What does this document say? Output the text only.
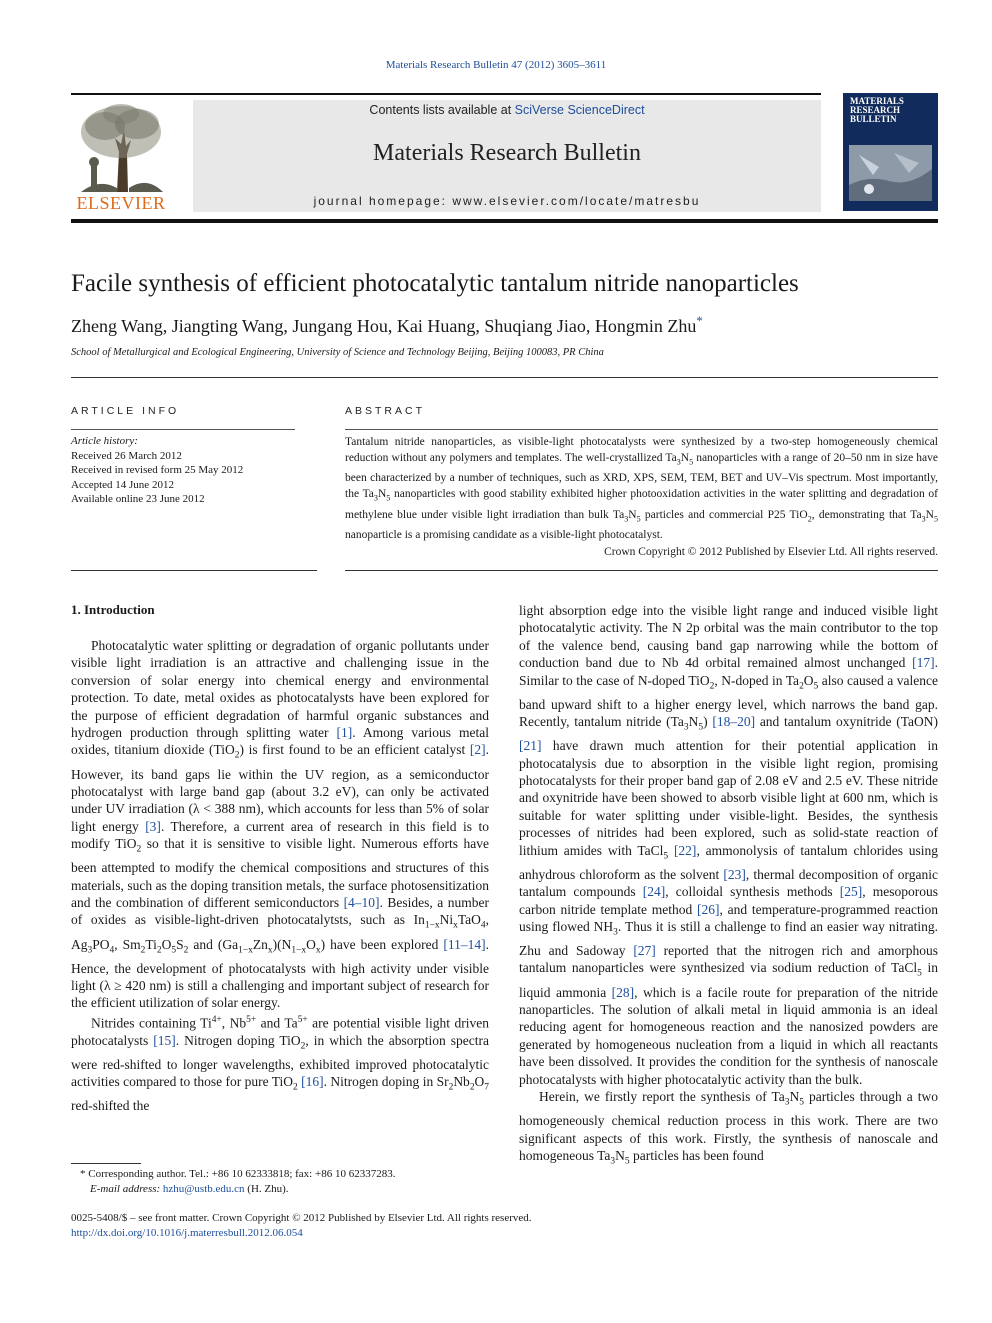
Materials Research Bulletin 47 (2012) 3605–3611
ELSEVIER
Contents lists available at SciVerse ScienceDirect
Materials Research Bulletin
journal homepage: www.elsevier.com/locate/matresbu
MATERIALS RESEARCH BULLETIN
Facile synthesis of efficient photocatalytic tantalum nitride nanoparticles
Zheng Wang, Jiangting Wang, Jungang Hou, Kai Huang, Shuqiang Jiao, Hongmin Zhu*
School of Metallurgical and Ecological Engineering, University of Science and Technology Beijing, Beijing 100083, PR China
ARTICLE INFO	ABSTRACT
Article history:
Received 26 March 2012
Received in revised form 25 May 2012
Accepted 14 June 2012
Available online 23 June 2012
Tantalum nitride nanoparticles, as visible-light photocatalysts were synthesized by a two-step homogeneously chemical reduction without any polymers and templates. The well-crystallized $Ta_3N_5$ nanoparticles with a range of 20–50 nm in size have been characterized by a number of techniques, such as XRD, XPS, SEM, TEM, BET and UV–Vis spectrum. Most importantly, the $Ta_3N_5$ nanoparticles with good stability exhibited higher photooxidation activities in the water splitting and degradation of methylene blue under visible light irradiation than bulk $Ta_3N_5$ particles and commercial P25 TiO$_2$, demonstrating that $Ta_3N_5$ nanoparticle is a promising candidate as a visible-light photocatalyst.
Crown Copyright © 2012 Published by Elsevier Ltd. All rights reserved.
1. Introduction

Photocatalytic water splitting or degradation of organic pollutants under visible light irradiation is an attractive and challenging issue in the conversion of solar energy into chemical energy and environmental protection. To date, metal oxides as photocatalysts have been explored for the purpose of efficient degradation of harmful organic substances and hydrogen production through splitting water [1]. Among various metal oxides, titanium dioxide (TiO$_2$) is first found to be an efficient catalyst [2]. However, its band gaps lie within the UV region, as a semiconductor photocatalyst with large band gap (about 3.2 eV), can only be activated under UV irradiation (λ < 388 nm), which accounts for less than 5% of solar light energy [3]. Therefore, a current area of research in this field is to modify TiO$_2$ so that it is sensitive to visible light. Numerous efforts have been attempted to modify the chemical compositions and structures of this materials, such as the doping transition metals, the surface photosensitization and the combination of different semiconductors [4–10]. Besides, a number of oxides as visible-light-driven photocatalytsts, such as $In_{1-x}Ni_xTaO_4$, $Ag_3PO_4$, $Sm_2Ti_2O_5S_2$ and $(Ga_{1-x}Zn_x)(N_{1-x}O_x)$ have been explored [11–14]. Hence, the development of photocatalysts with high activity under visible light (λ ≥ 420 nm) is still a challenging and important subject of research for the efficient utilization of solar energy.

Nitrides containing $Ti^{4+}$, $Nb^{5+}$ and $Ta^{5+}$ are potential visible light driven photocatalysts [15]. Nitrogen doping TiO$_2$, in which the absorption spectra were red-shifted to longer wavelengths, exhibited improved photocatalytic activities compared to those for pure TiO$_2$ [16]. Nitrogen doping in $Sr_2Nb_2O_7$ red-shifted the

light absorption edge into the visible light range and induced visible light photocatalytic activity. The N 2p orbital was the main contributor to the top of the valence bend, causing band gap narrowing while the bottom of conduction band due to Nb 4d orbital remained almost unchanged [17]. Similar to the case of N-doped TiO$_2$, N-doped in $Ta_2O_5$ also caused a valence band upward shift to a higher energy level, which narrows the band gap. Recently, tantalum nitride $(Ta_3N_5)$ [18–20] and tantalum oxynitride (TaON) [21] have drawn much attention for their potential application in photocatalysis due to absorption in the visible light region, promising photocatalysts for their proper band gap of 2.08 eV and 2.5 eV. These nitride and oxynitride have been showed to absorb visible light at 600 nm, which is suitable for water splitting under visible-light. Besides, the synthesis processes of nitrides had been explored, such as solid-state reaction of lithium amides with TaCl$_5$ [22], ammonolysis of tantalum chlorides using anhydrous chloroform as the solvent [23], thermal decomposition of organic tantalum compounds [24], colloidal synthesis methods [25], mesoporous carbon nitride template method [26], and temperature-programmed reaction using flowed $NH_3$. Thus it is still a challenge to find an easier way nitrating. Zhu and Sadoway [27] reported that the nitrogen rich and amorphous tantalum nanoparticles were synthesized via sodium reduction of TaCl$_5$ in liquid ammonia [28], which is a facile route for preparation of the nitride nanoparticles. The solution of alkali metal in liquid ammonia is an ideal reducing agent for homogeneous reaction and the nanosized powders are generated by homogeneous nucleation from a liquid in which all reactants have been dissolved. It provides the condition for the synthesis of nanoscale photocatalysts with higher photocatalytic activity than the bulk.

Herein, we firstly report the synthesis of $Ta_3N_5$ particles through a two homogeneously chemical reduction process in this work. There are two significant aspects of this work. Firstly, the synthesis of nanoscale and homogeneous $Ta_3N_5$ particles has been found

* Corresponding author. Tel.: +86 10 62333818; fax: +86 10 62337283.
E-mail address: hzhu@ustb.edu.cn (H. Zhu).
0025-5408/$ – see front matter. Crown Copyright © 2012 Published by Elsevier Ltd. All rights reserved.
http://dx.doi.org/10.1016/j.materresbull.2012.06.054
